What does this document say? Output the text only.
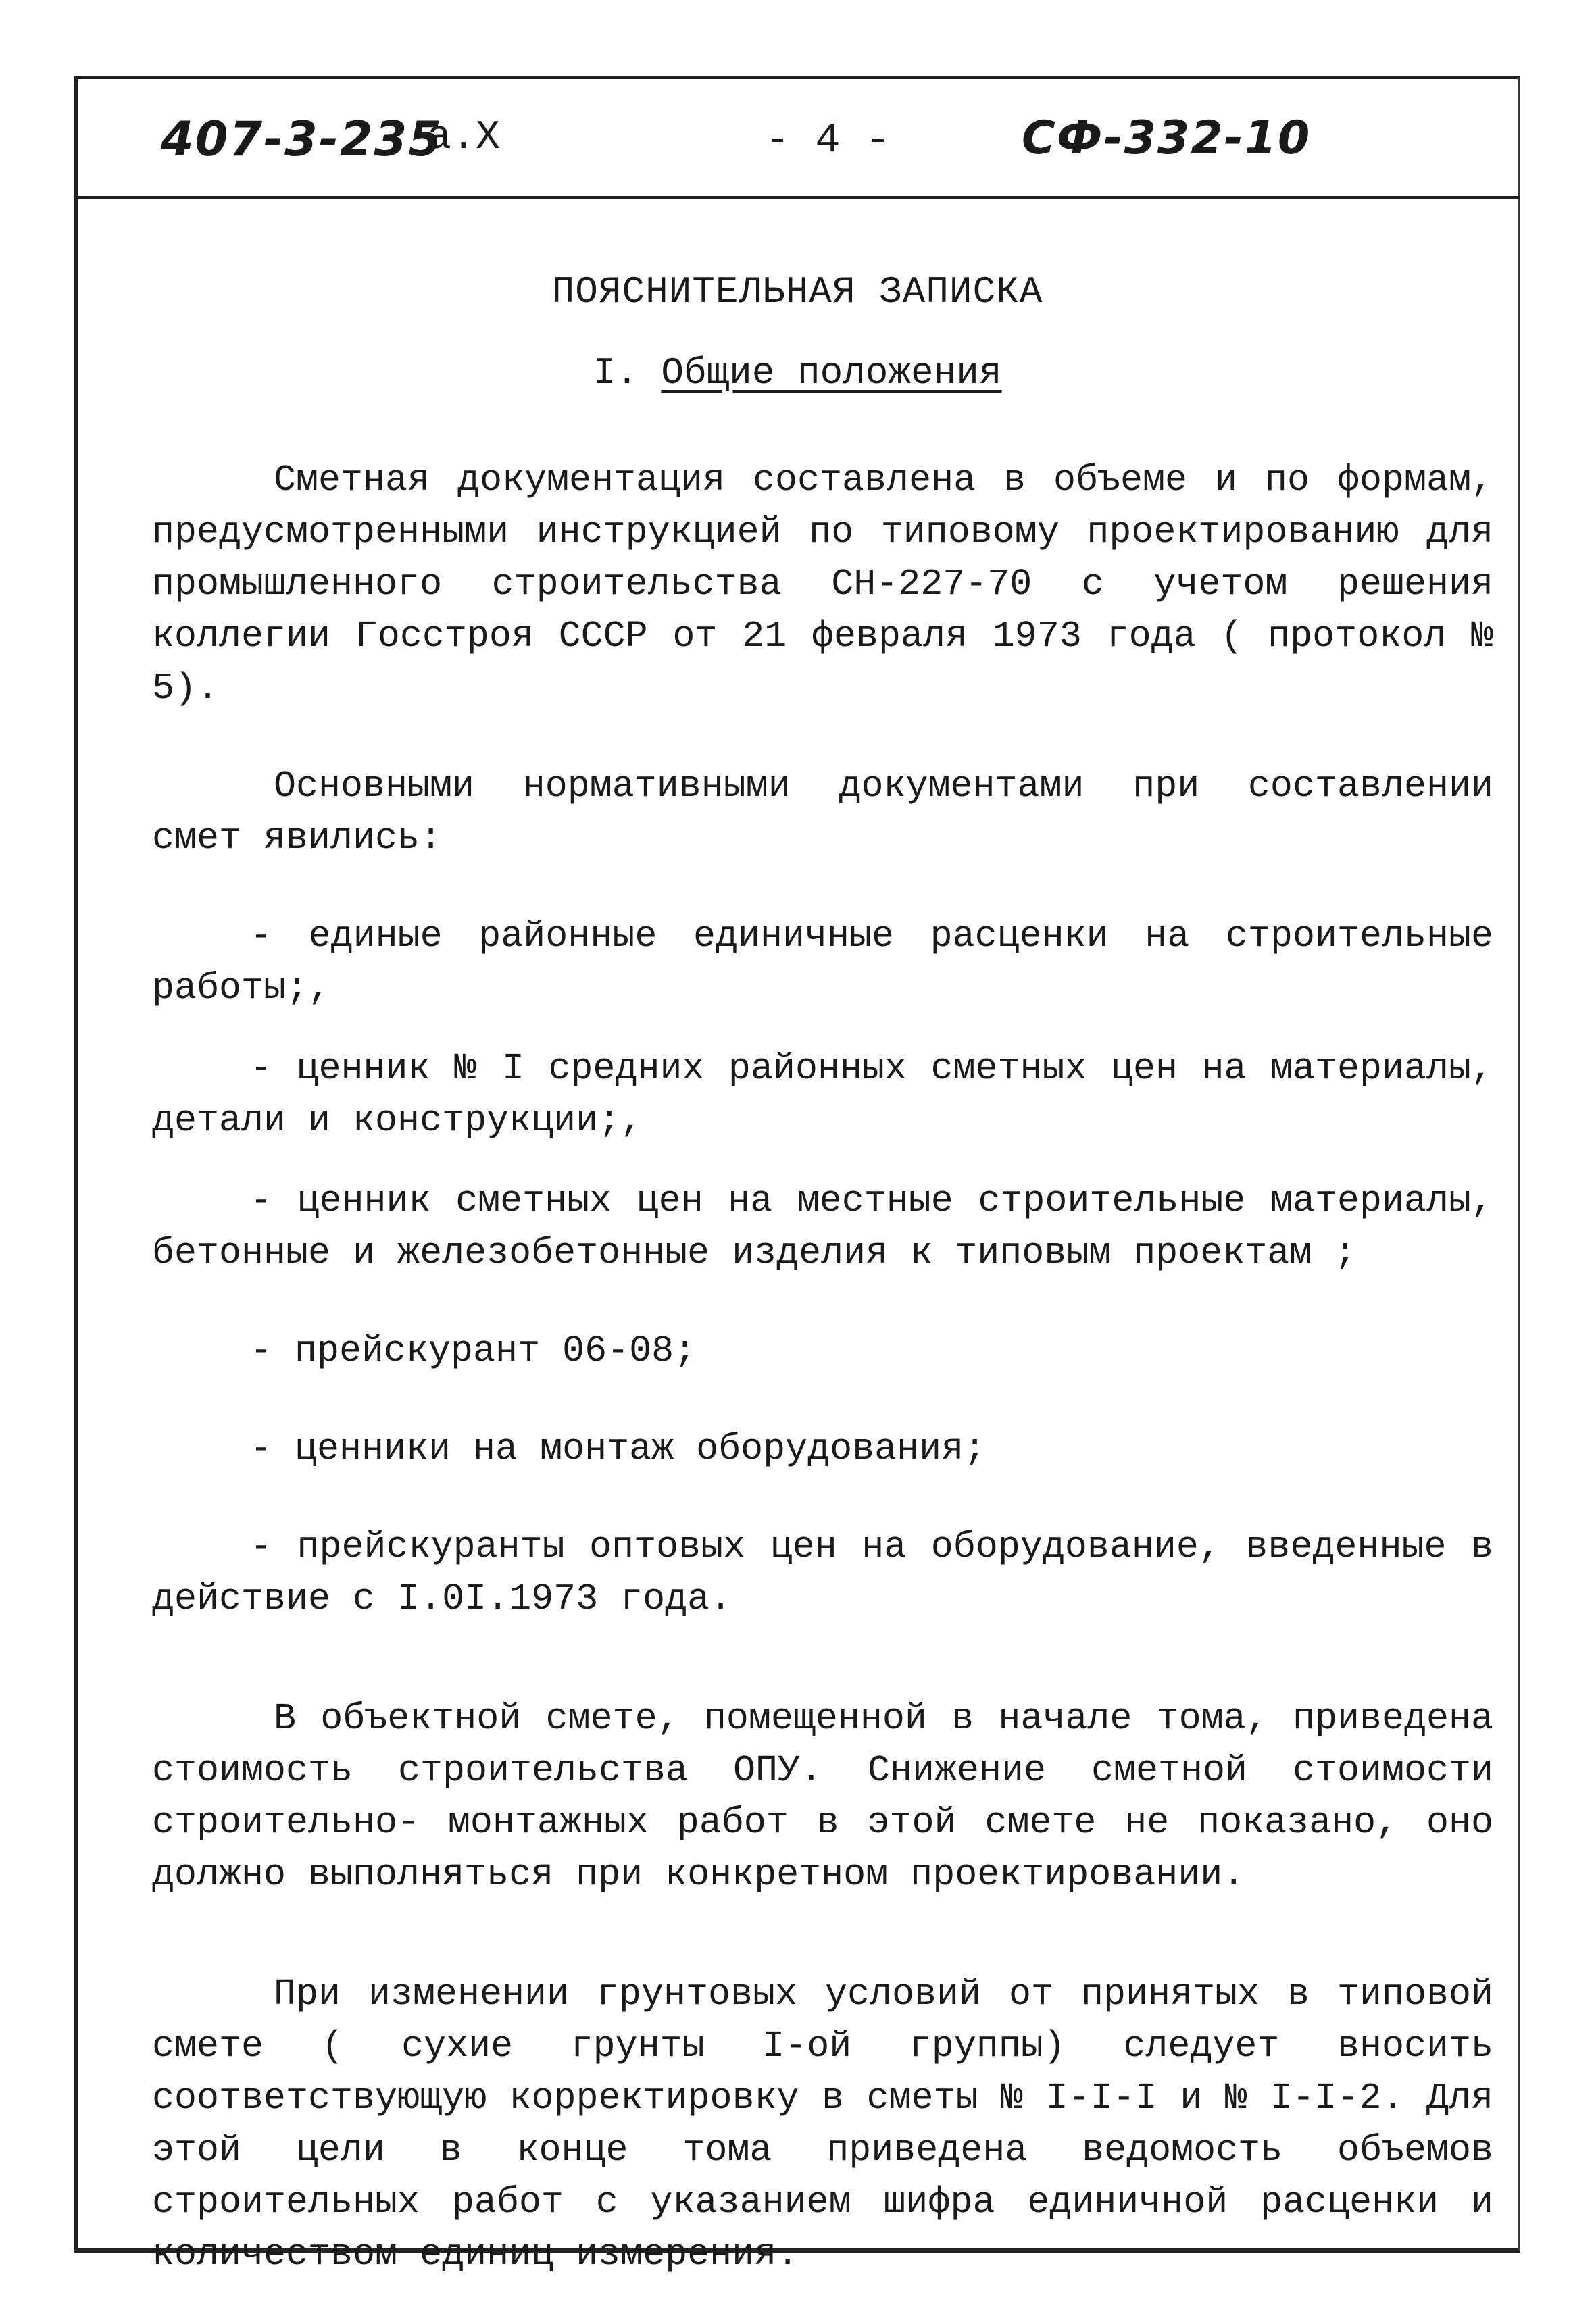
407-3-235
а.Х	- 4 -	СФ-332-10
ПОЯСНИТЕЛЬНАЯ ЗАПИСКА
I. Общие положения

Сметная документация составлена в объеме и по формам, предусмотренными инструкцией по типовому проектированию для промышленного строительства СН-227-70 с учетом решения коллегии Госстроя СССР от 21 февраля 1973 года ( протокол № 5).

Основными нормативными документами при составлении смет явились:

- единые районные единичные расценки на строительные работы;,

- ценник № I средних районных сметных цен на материалы, детали и конструкции;,

- ценник сметных цен на местные строительные материалы, бетонные и железобетонные изделия к типовым проектам ;

- прейскурант 06-08;

- ценники на монтаж оборудования;

- прейскуранты оптовых цен на оборудование, введенные в действие с I.0I.1973 года.

В объектной смете, помещенной в начале тома, приведена стоимость строительства ОПУ. Снижение сметной стоимости строительно- монтажных работ в этой смете не показано, оно должно выполняться при конкретном проектировании.

При изменении грунтовых условий от принятых в типовой смете ( сухие грунты I-ой группы) следует вносить соответствующую корректировку в сметы № I-I-I и № I-I-2. Для этой цели в конце тома приведена ведомость объемов строительных работ с указанием шифра единичной расценки и количеством единиц измерения.
